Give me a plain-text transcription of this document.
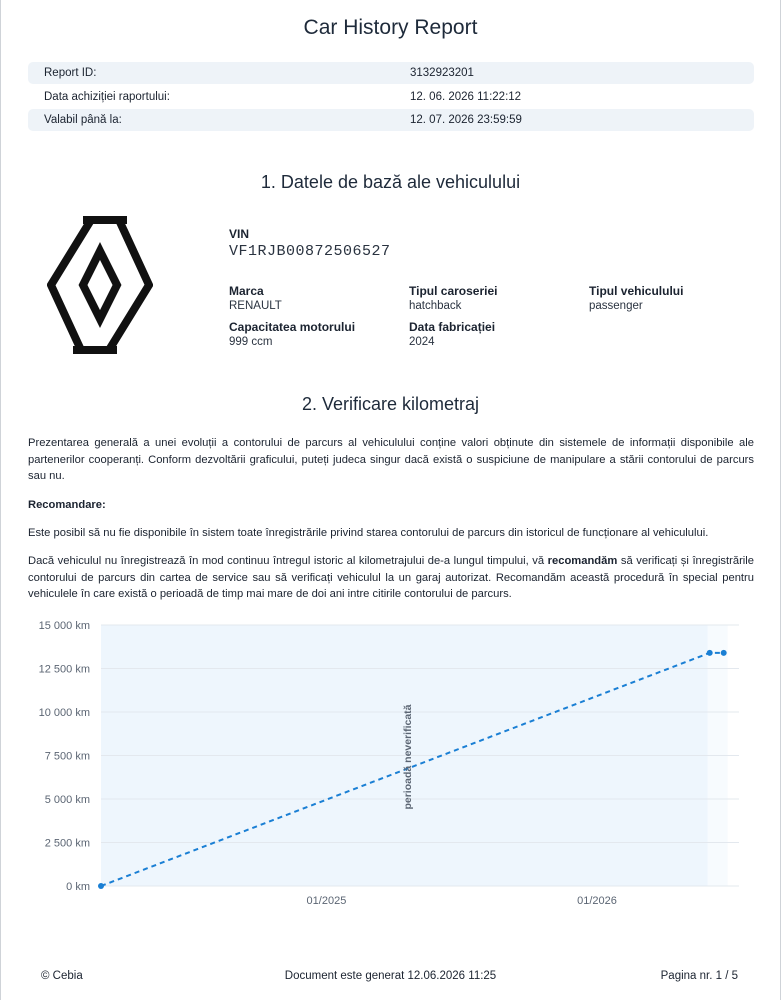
Car History Report
Report ID:	3132923201
Data achiziției raportului:	12. 06. 2026 11:22:12
Valabil până la:	12. 07. 2026 23:59:59
1. Datele de bază ale vehiculului
VIN
VF1RJB00872506527
Marca
RENAULT
Tipul caroseriei
hatchback
Tipul vehiculului
passenger
Capacitatea motorului
999 ccm
Data fabricației
2024
2. Verificare kilometraj
Prezentarea generală a unei evoluții a contorului de parcurs al vehiculului conține valori obținute din sistemele de informații disponibile ale partenerilor cooperanți. Conform dezvoltării graficului, puteți judeca singur dacă există o suspiciune de manipulare a stării contorului de parcurs sau nu.
Recomandare:
Este posibil să nu fie disponibile în sistem toate înregistrările privind starea contorului de parcurs din istoricul de funcționare al vehiculului.
Dacă vehiculul nu înregistrează în mod continuu întregul istoric al kilometrajului de-a lungul timpului, vă recomandăm să verificați și înregistrările contorului de parcurs din cartea de service sau să verificați vehiculul la un garaj autorizat. Recomandăm această procedură în special pentru vehiculele în care există o perioadă de timp mai mare de doi ani intre citirile contorului de parcurs.
15 000 km
12 500 km
10 000 km
7 500 km
5 000 km
2 500 km
0 km
01/2025	01/2026
perioadă neverificată
© Cebia	Document este generat 12.06.2026 11:25	Pagina nr. 1 / 5
